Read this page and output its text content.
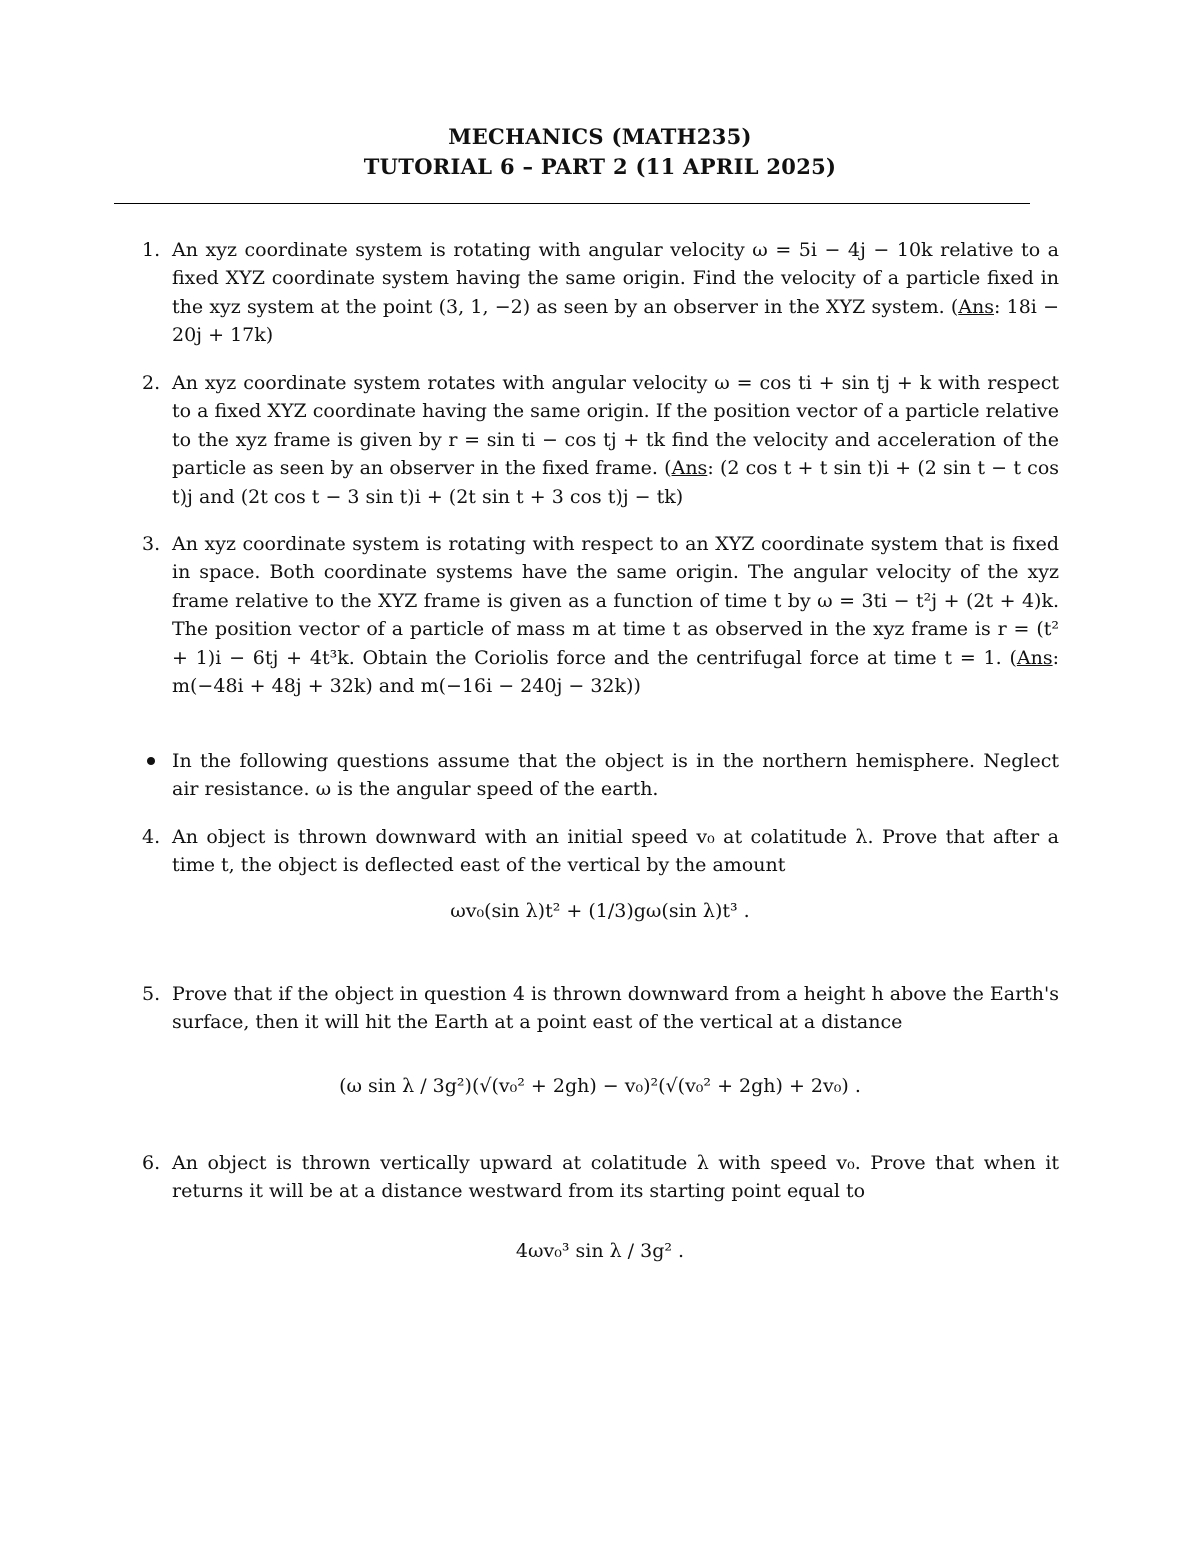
MECHANICS (MATH235)
TUTORIAL 6 – PART 2 (11 APRIL 2025)
1. An xyz coordinate system is rotating with angular velocity ω = 5i − 4j − 10k relative to a fixed XYZ coordinate system having the same origin. Find the velocity of a particle fixed in the xyz system at the point (3, 1, −2) as seen by an observer in the XYZ system. (Ans: 18i − 20j + 17k)
2. An xyz coordinate system rotates with angular velocity ω = cos ti + sin tj + k with respect to a fixed XYZ coordinate having the same origin. If the position vector of a particle relative to the xyz frame is given by r = sin ti − cos tj + tk find the velocity and acceleration of the particle as seen by an observer in the fixed frame. (Ans: (2 cos t + t sin t)i + (2 sin t − t cos t)j and (2t cos t − 3 sin t)i + (2t sin t + 3 cos t)j − tk)
3. An xyz coordinate system is rotating with respect to an XYZ coordinate system that is fixed in space. Both coordinate systems have the same origin. The angular velocity of the xyz frame relative to the XYZ frame is given as a function of time t by ω = 3ti − t²j + (2t + 4)k. The position vector of a particle of mass m at time t as observed in the xyz frame is r = (t² + 1)i − 6tj + 4t³k. Obtain the Coriolis force and the centrifugal force at time t = 1. (Ans: m(−48i + 48j + 32k) and m(−16i − 240j − 32k))
In the following questions assume that the object is in the northern hemisphere. Neglect air resistance. ω is the angular speed of the earth.
4. An object is thrown downward with an initial speed v₀ at colatitude λ. Prove that after a time t, the object is deflected east of the vertical by the amount
ωv₀(sin λ)t² + (1/3)gω(sin λ)t³ .
5. Prove that if the object in question 4 is thrown downward from a height h above the Earth's surface, then it will hit the Earth at a point east of the vertical at a distance
(ω sin λ / 3g²)(√(v₀² + 2gh) − v₀)²(√(v₀² + 2gh) + 2v₀) .
6. An object is thrown vertically upward at colatitude λ with speed v₀. Prove that when it returns it will be at a distance westward from its starting point equal to
4ωv₀³ sin λ / 3g² .
